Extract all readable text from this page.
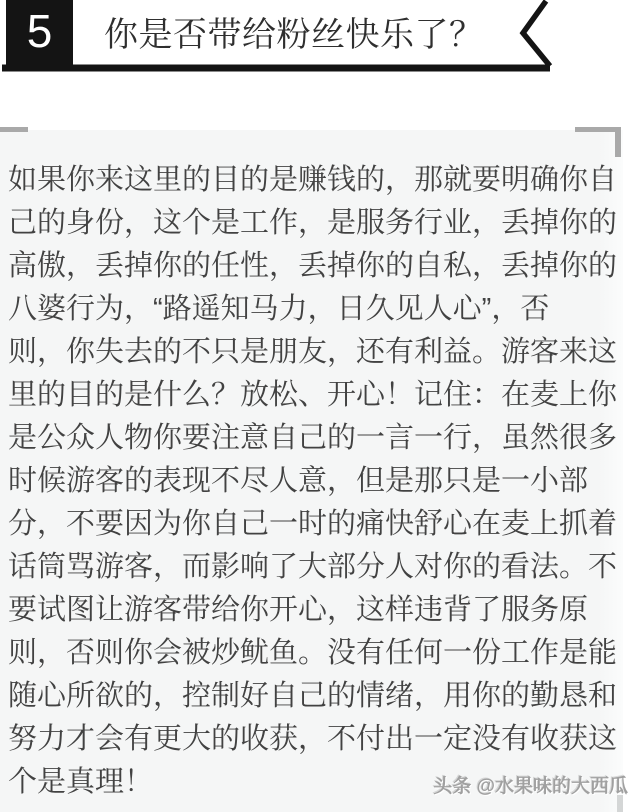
5 你是否带给粉丝快乐了？
如果你来这里的目的是赚钱的，那就要明确你自
己的身份，这个是工作，是服务行业，丢掉你的
高傲，丢掉你的任性，丢掉你的自私，丢掉你的
八婆行为，“路遥知马力，日久见人心”，否
则，你失去的不只是朋友，还有利益。游客来这
里的目的是什么？放松、开心！记住：在麦上你
是公众人物你要注意自己的一言一行，虽然很多
时候游客的表现不尽人意，但是那只是一小部
分，不要因为你自己一时的痛快舒心在麦上抓着
话筒骂游客，而影响了大部分人对你的看法。不
要试图让游客带给你开心，这样违背了服务原
则，否则你会被炒鱿鱼。没有任何一份工作是能
随心所欲的，控制好自己的情绪，用你的勤恳和
努力才会有更大的收获，不付出一定没有收获这
个是真理！	头条 @水果味的大西瓜
